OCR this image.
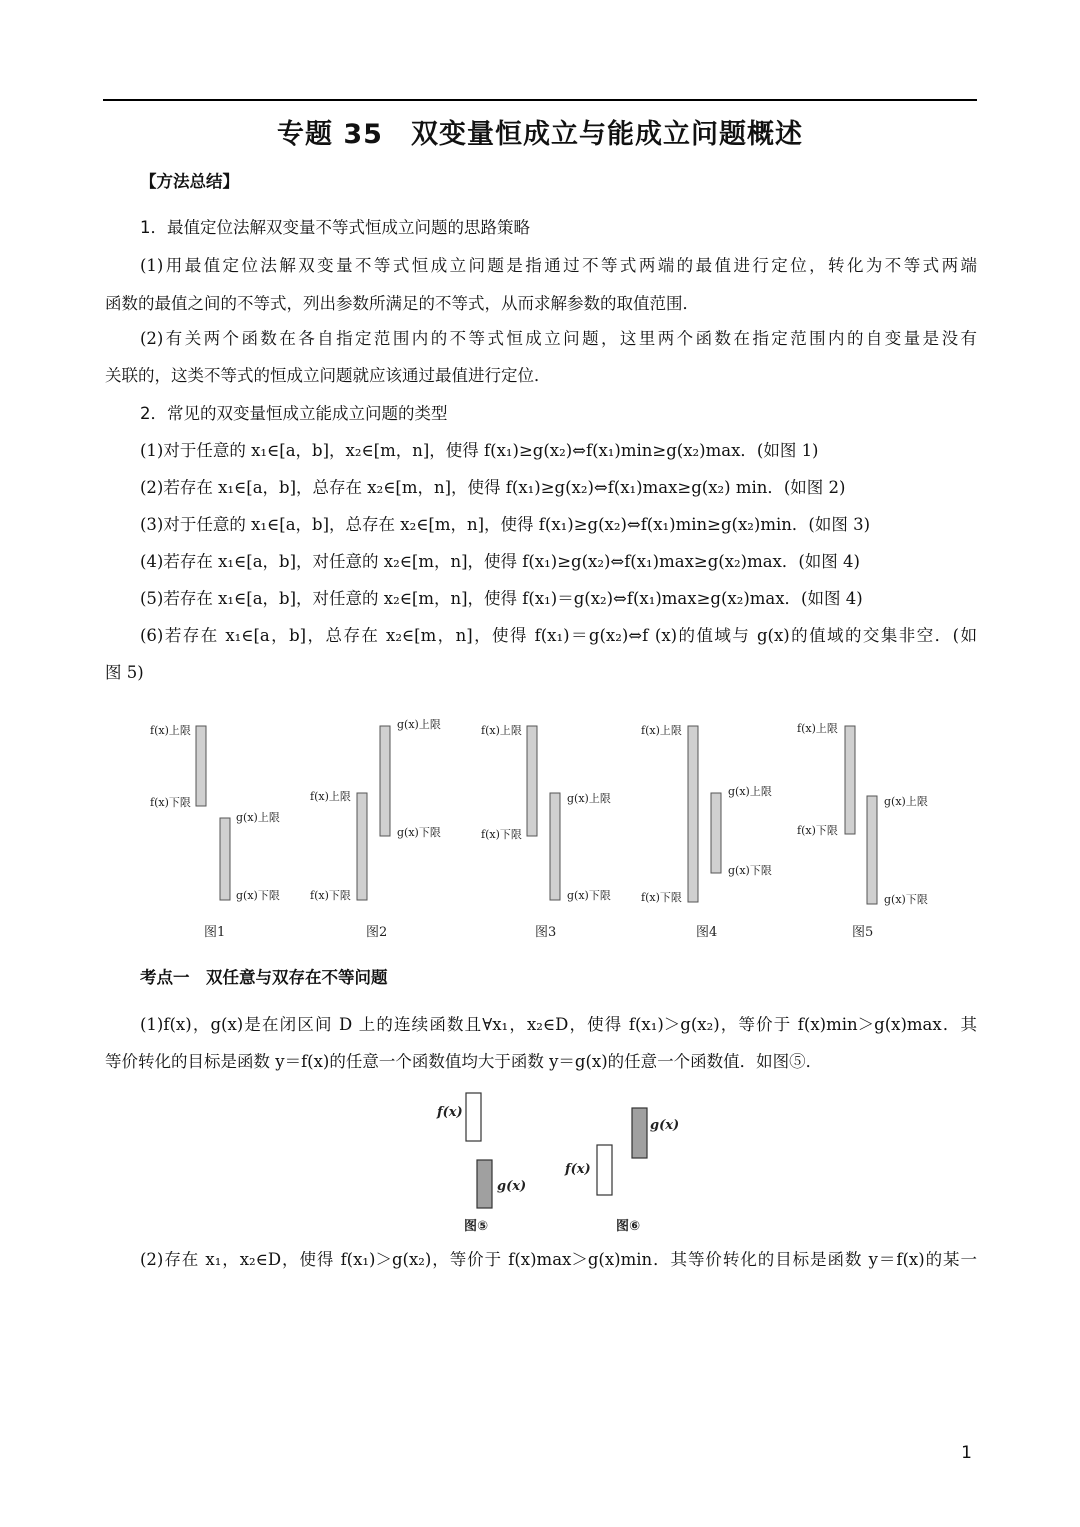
专题 35　双变量恒成立与能成立问题概述
【方法总结】
1．最值定位法解双变量不等式恒成立问题的思路策略
(1)用最值定位法解双变量不等式恒成立问题是指通过不等式两端的最值进行定位，转化为不等式两端
函数的最值之间的不等式，列出参数所满足的不等式，从而求解参数的取值范围．
(2)有关两个函数在各自指定范围内的不等式恒成立问题，这里两个函数在指定范围内的自变量是没有
关联的，这类不等式的恒成立问题就应该通过最值进行定位．
2．常见的双变量恒成立能成立问题的类型
(1)对于任意的 x₁∈[a，b]，x₂∈[m，n]，使得 f(x₁)≥g(x₂)⇔f(x₁)min≥g(x₂)max．(如图 1)
(2)若存在 x₁∈[a，b]，总存在 x₂∈[m，n]，使得 f(x₁)≥g(x₂)⇔f(x₁)max≥g(x₂) min．(如图 2)
(3)对于任意的 x₁∈[a，b]，总存在 x₂∈[m，n]，使得 f(x₁)≥g(x₂)⇔f(x₁)min≥g(x₂)min．(如图 3)
(4)若存在 x₁∈[a，b]，对任意的 x₂∈[m，n]，使得 f(x₁)≥g(x₂)⇔f(x₁)max≥g(x₂)max．(如图 4)
(5)若存在 x₁∈[a，b]，对任意的 x₂∈[m，n]，使得 f(x₁)＝g(x₂)⇔f(x₁)max≥g(x₂)max．(如图 4)
(6)若存在 x₁∈[a，b]，总存在 x₂∈[m，n]，使得 f(x₁)＝g(x₂)⇔f (x)的值域与 g(x)的值域的交集非空．(如
图 5)
f(x)上限
f(x)下限
g(x)上限
g(x)下限
图1
f(x)上限
f(x)下限
g(x)上限
g(x)下限
图2
f(x)上限
f(x)下限
g(x)上限
g(x)下限
图3
f(x)上限
f(x)下限
g(x)上限
g(x)下限
图4
f(x)上限
f(x)下限
g(x)上限
g(x)下限
图5
f(x)
g(x)
f(x)
g(x)
图⑤	图⑥
考点一　双任意与双存在不等问题
(1)f(x)，g(x)是在闭区间 D 上的连续函数且∀x₁，x₂∈D，使得 f(x₁)＞g(x₂)，等价于 f(x)min＞g(x)max．其
等价转化的目标是函数 y＝f(x)的任意一个函数值均大于函数 y＝g(x)的任意一个函数值．如图⑤．
(2)存在 x₁，x₂∈D，使得 f(x₁)＞g(x₂)，等价于 f(x)max＞g(x)min．其等价转化的目标是函数 y＝f(x)的某一
1
